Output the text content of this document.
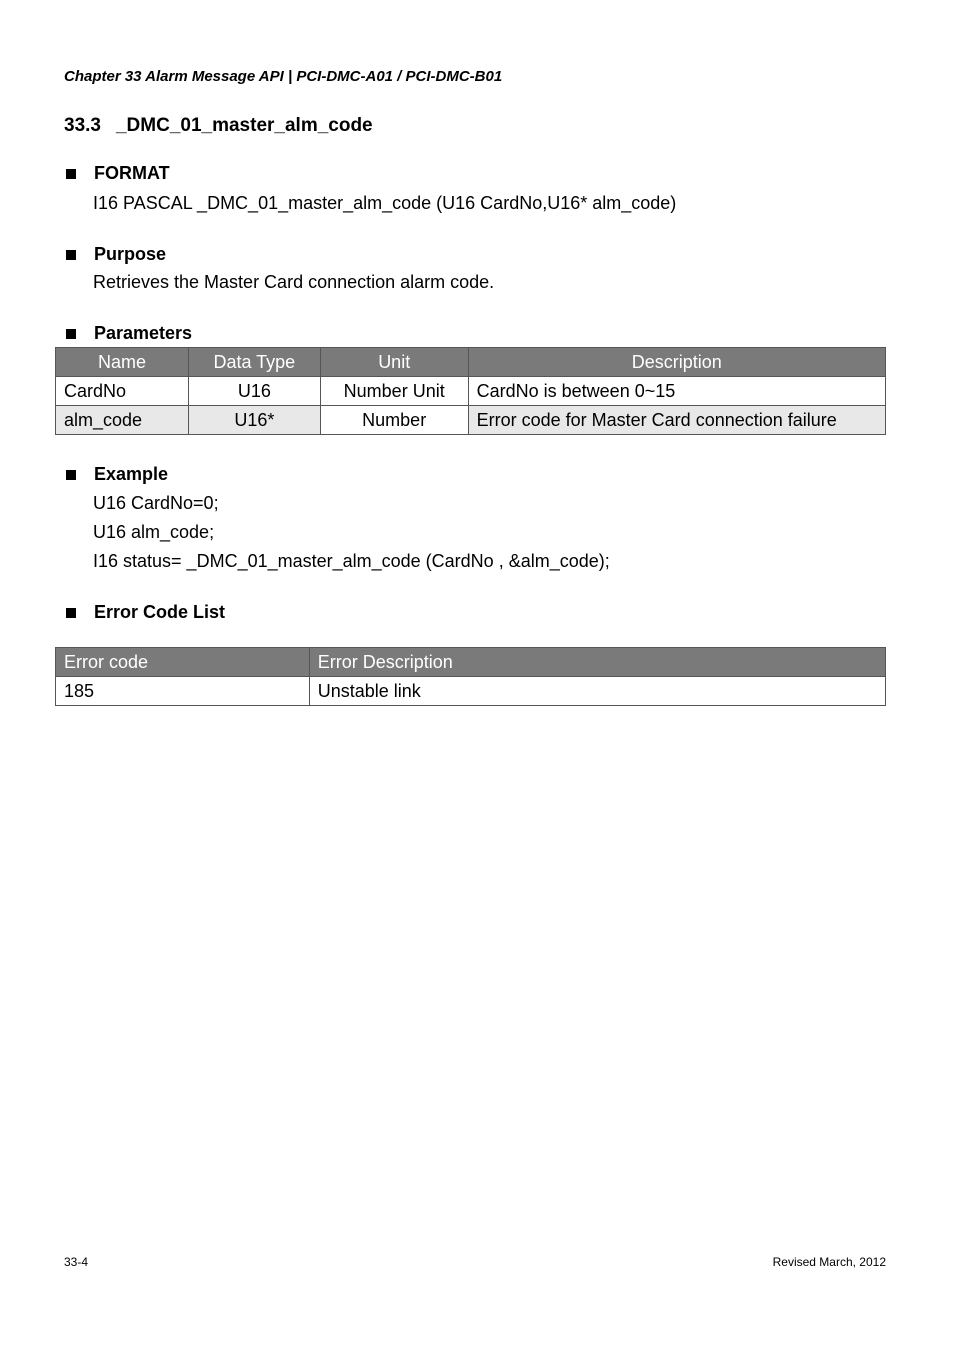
Chapter 33 Alarm Message API | PCI-DMC-A01 / PCI-DMC-B01
33.3 _DMC_01_master_alm_code
FORMAT
I16 PASCAL _DMC_01_master_alm_code (U16 CardNo,U16* alm_code)
Purpose
Retrieves the Master Card connection alarm code.
Parameters
Name	Data Type	Unit	Description
CardNo	U16	Number Unit	CardNo is between 0~15
alm_code	U16*	Number	Error code for Master Card connection failure
Example
U16 CardNo=0;
U16 alm_code;
I16 status= _DMC_01_master_alm_code (CardNo , &alm_code);
Error Code List
Error code	Error Description
185	Unstable link
33-4	Revised March, 2012
